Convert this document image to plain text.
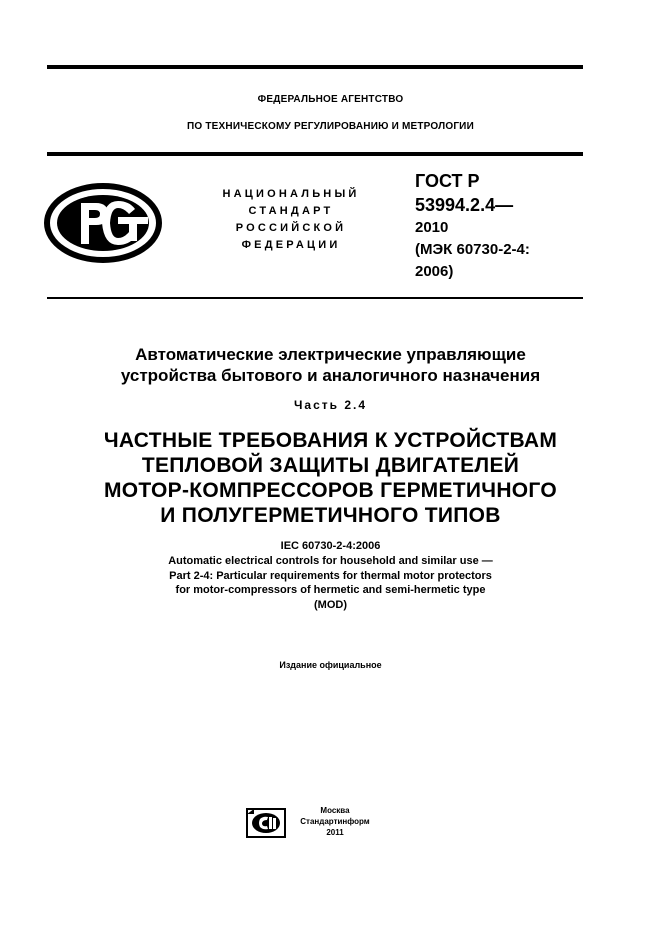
ФЕДЕРАЛЬНОЕ АГЕНТСТВО
ПО ТЕХНИЧЕСКОМУ РЕГУЛИРОВАНИЮ И МЕТРОЛОГИИ
НАЦИОНАЛЬНЫЙ
СТАНДАРТ
РОССИЙСКОЙ
ФЕДЕРАЦИИ
ГОСТ Р
53994.2.4—
2010
(МЭК 60730-2-4:
2006)
Автоматические электрические управляющие
устройства бытового и аналогичного назначения
Часть 2.4
ЧАСТНЫЕ ТРЕБОВАНИЯ К УСТРОЙСТВАМ
ТЕПЛОВОЙ ЗАЩИТЫ ДВИГАТЕЛЕЙ
МОТОР-КОМПРЕССОРОВ ГЕРМЕТИЧНОГО
И ПОЛУГЕРМЕТИЧНОГО ТИПОВ
IEC 60730-2-4:2006
Automatic electrical controls for household and similar use —
Part 2-4: Particular requirements for thermal motor protectors
for motor-compressors of hermetic and semi-hermetic type
(MOD)
Издание официальное
Москва
Стандартинформ
2011
